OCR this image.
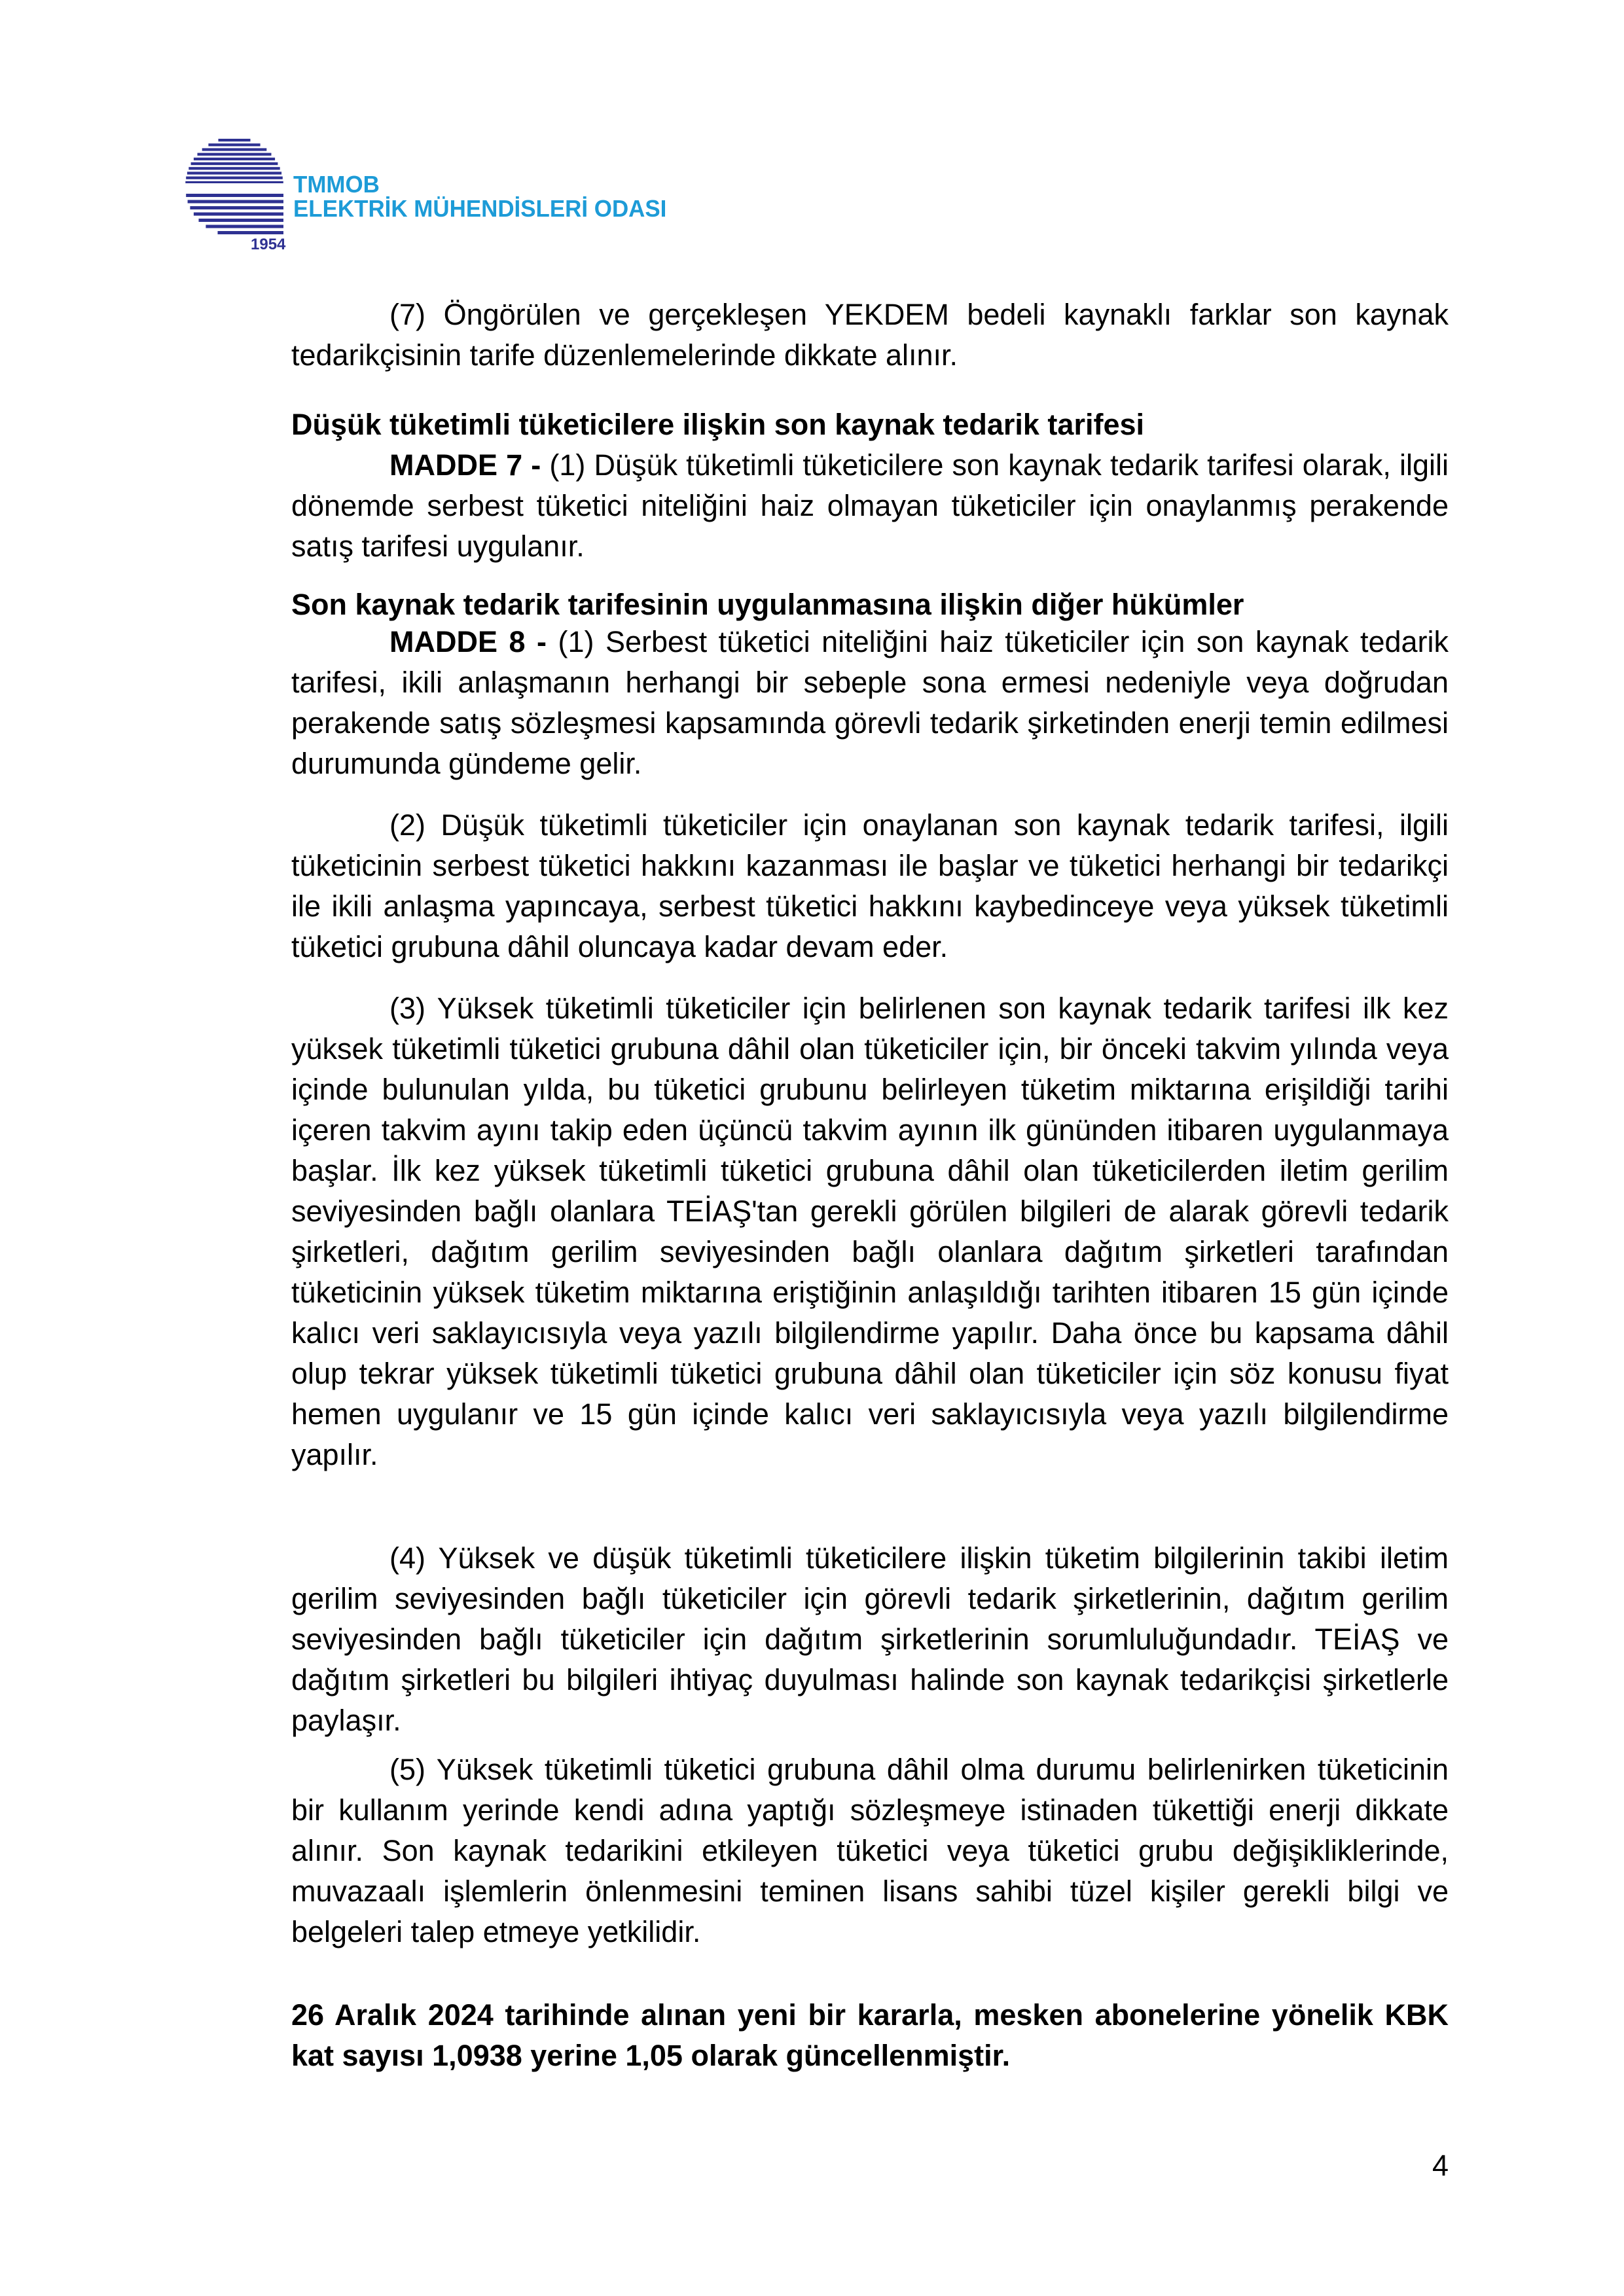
1954
TMMOB
ELEKTRİK MÜHENDİSLERİ ODASI

(7) Öngörülen ve gerçekleşen YEKDEM bedeli kaynaklı farklar son kaynak tedarikçisinin tarife düzenlemelerinde dikkate alınır.

Düşük tüketimli tüketicilere ilişkin son kaynak tedarik tarifesi

MADDE 7 - (1) Düşük tüketimli tüketicilere son kaynak tedarik tarifesi olarak, ilgili dönemde serbest tüketici niteliğini haiz olmayan tüketiciler için onaylanmış perakende satış tarifesi uygulanır.

Son kaynak tedarik tarifesinin uygulanmasına ilişkin diğer hükümler

MADDE 8 - (1) Serbest tüketici niteliğini haiz tüketiciler için son kaynak tedarik tarifesi, ikili anlaşmanın herhangi bir sebeple sona ermesi nedeniyle veya doğrudan perakende satış sözleşmesi kapsamında görevli tedarik şirketinden enerji temin edilmesi durumunda gündeme gelir.

(2) Düşük tüketimli tüketiciler için onaylanan son kaynak tedarik tarifesi, ilgili tüketicinin serbest tüketici hakkını kazanması ile başlar ve tüketici herhangi bir tedarikçi ile ikili anlaşma yapıncaya, serbest tüketici hakkını kaybedinceye veya yüksek tüketimli tüketici grubuna dâhil oluncaya kadar devam eder.

(3) Yüksek tüketimli tüketiciler için belirlenen son kaynak tedarik tarifesi ilk kez yüksek tüketimli tüketici grubuna dâhil olan tüketiciler için, bir önceki takvim yılında veya içinde bulunulan yılda, bu tüketici grubunu belirleyen tüketim miktarına erişildiği tarihi içeren takvim ayını takip eden üçüncü takvim ayının ilk gününden itibaren uygulanmaya başlar. İlk kez yüksek tüketimli tüketici grubuna dâhil olan tüketicilerden iletim gerilim seviyesinden bağlı olanlara TEİAŞ'tan gerekli görülen bilgileri de alarak görevli tedarik şirketleri, dağıtım gerilim seviyesinden bağlı olanlara dağıtım şirketleri tarafından tüketicinin yüksek tüketim miktarına eriştiğinin anlaşıldığı tarihten itibaren 15 gün içinde kalıcı veri saklayıcısıyla veya yazılı bilgilendirme yapılır. Daha önce bu kapsama dâhil olup tekrar yüksek tüketimli tüketici grubuna dâhil olan tüketiciler için söz konusu fiyat hemen uygulanır ve 15 gün içinde kalıcı veri saklayıcısıyla veya yazılı bilgilendirme yapılır.

(4) Yüksek ve düşük tüketimli tüketicilere ilişkin tüketim bilgilerinin takibi iletim gerilim seviyesinden bağlı tüketiciler için görevli tedarik şirketlerinin, dağıtım gerilim seviyesinden bağlı tüketiciler için dağıtım şirketlerinin sorumluluğundadır. TEİAŞ ve dağıtım şirketleri bu bilgileri ihtiyaç duyulması halinde son kaynak tedarikçisi şirketlerle paylaşır.

(5) Yüksek tüketimli tüketici grubuna dâhil olma durumu belirlenirken tüketicinin bir kullanım yerinde kendi adına yaptığı sözleşmeye istinaden tükettiği enerji dikkate alınır. Son kaynak tedarikini etkileyen tüketici veya tüketici grubu değişikliklerinde, muvazaalı işlemlerin önlenmesini teminen lisans sahibi tüzel kişiler gerekli bilgi ve belgeleri talep etmeye yetkilidir.

26 Aralık 2024 tarihinde alınan yeni bir kararla, mesken abonelerine yönelik KBK kat sayısı 1,0938 yerine 1,05 olarak güncellenmiştir.

4
